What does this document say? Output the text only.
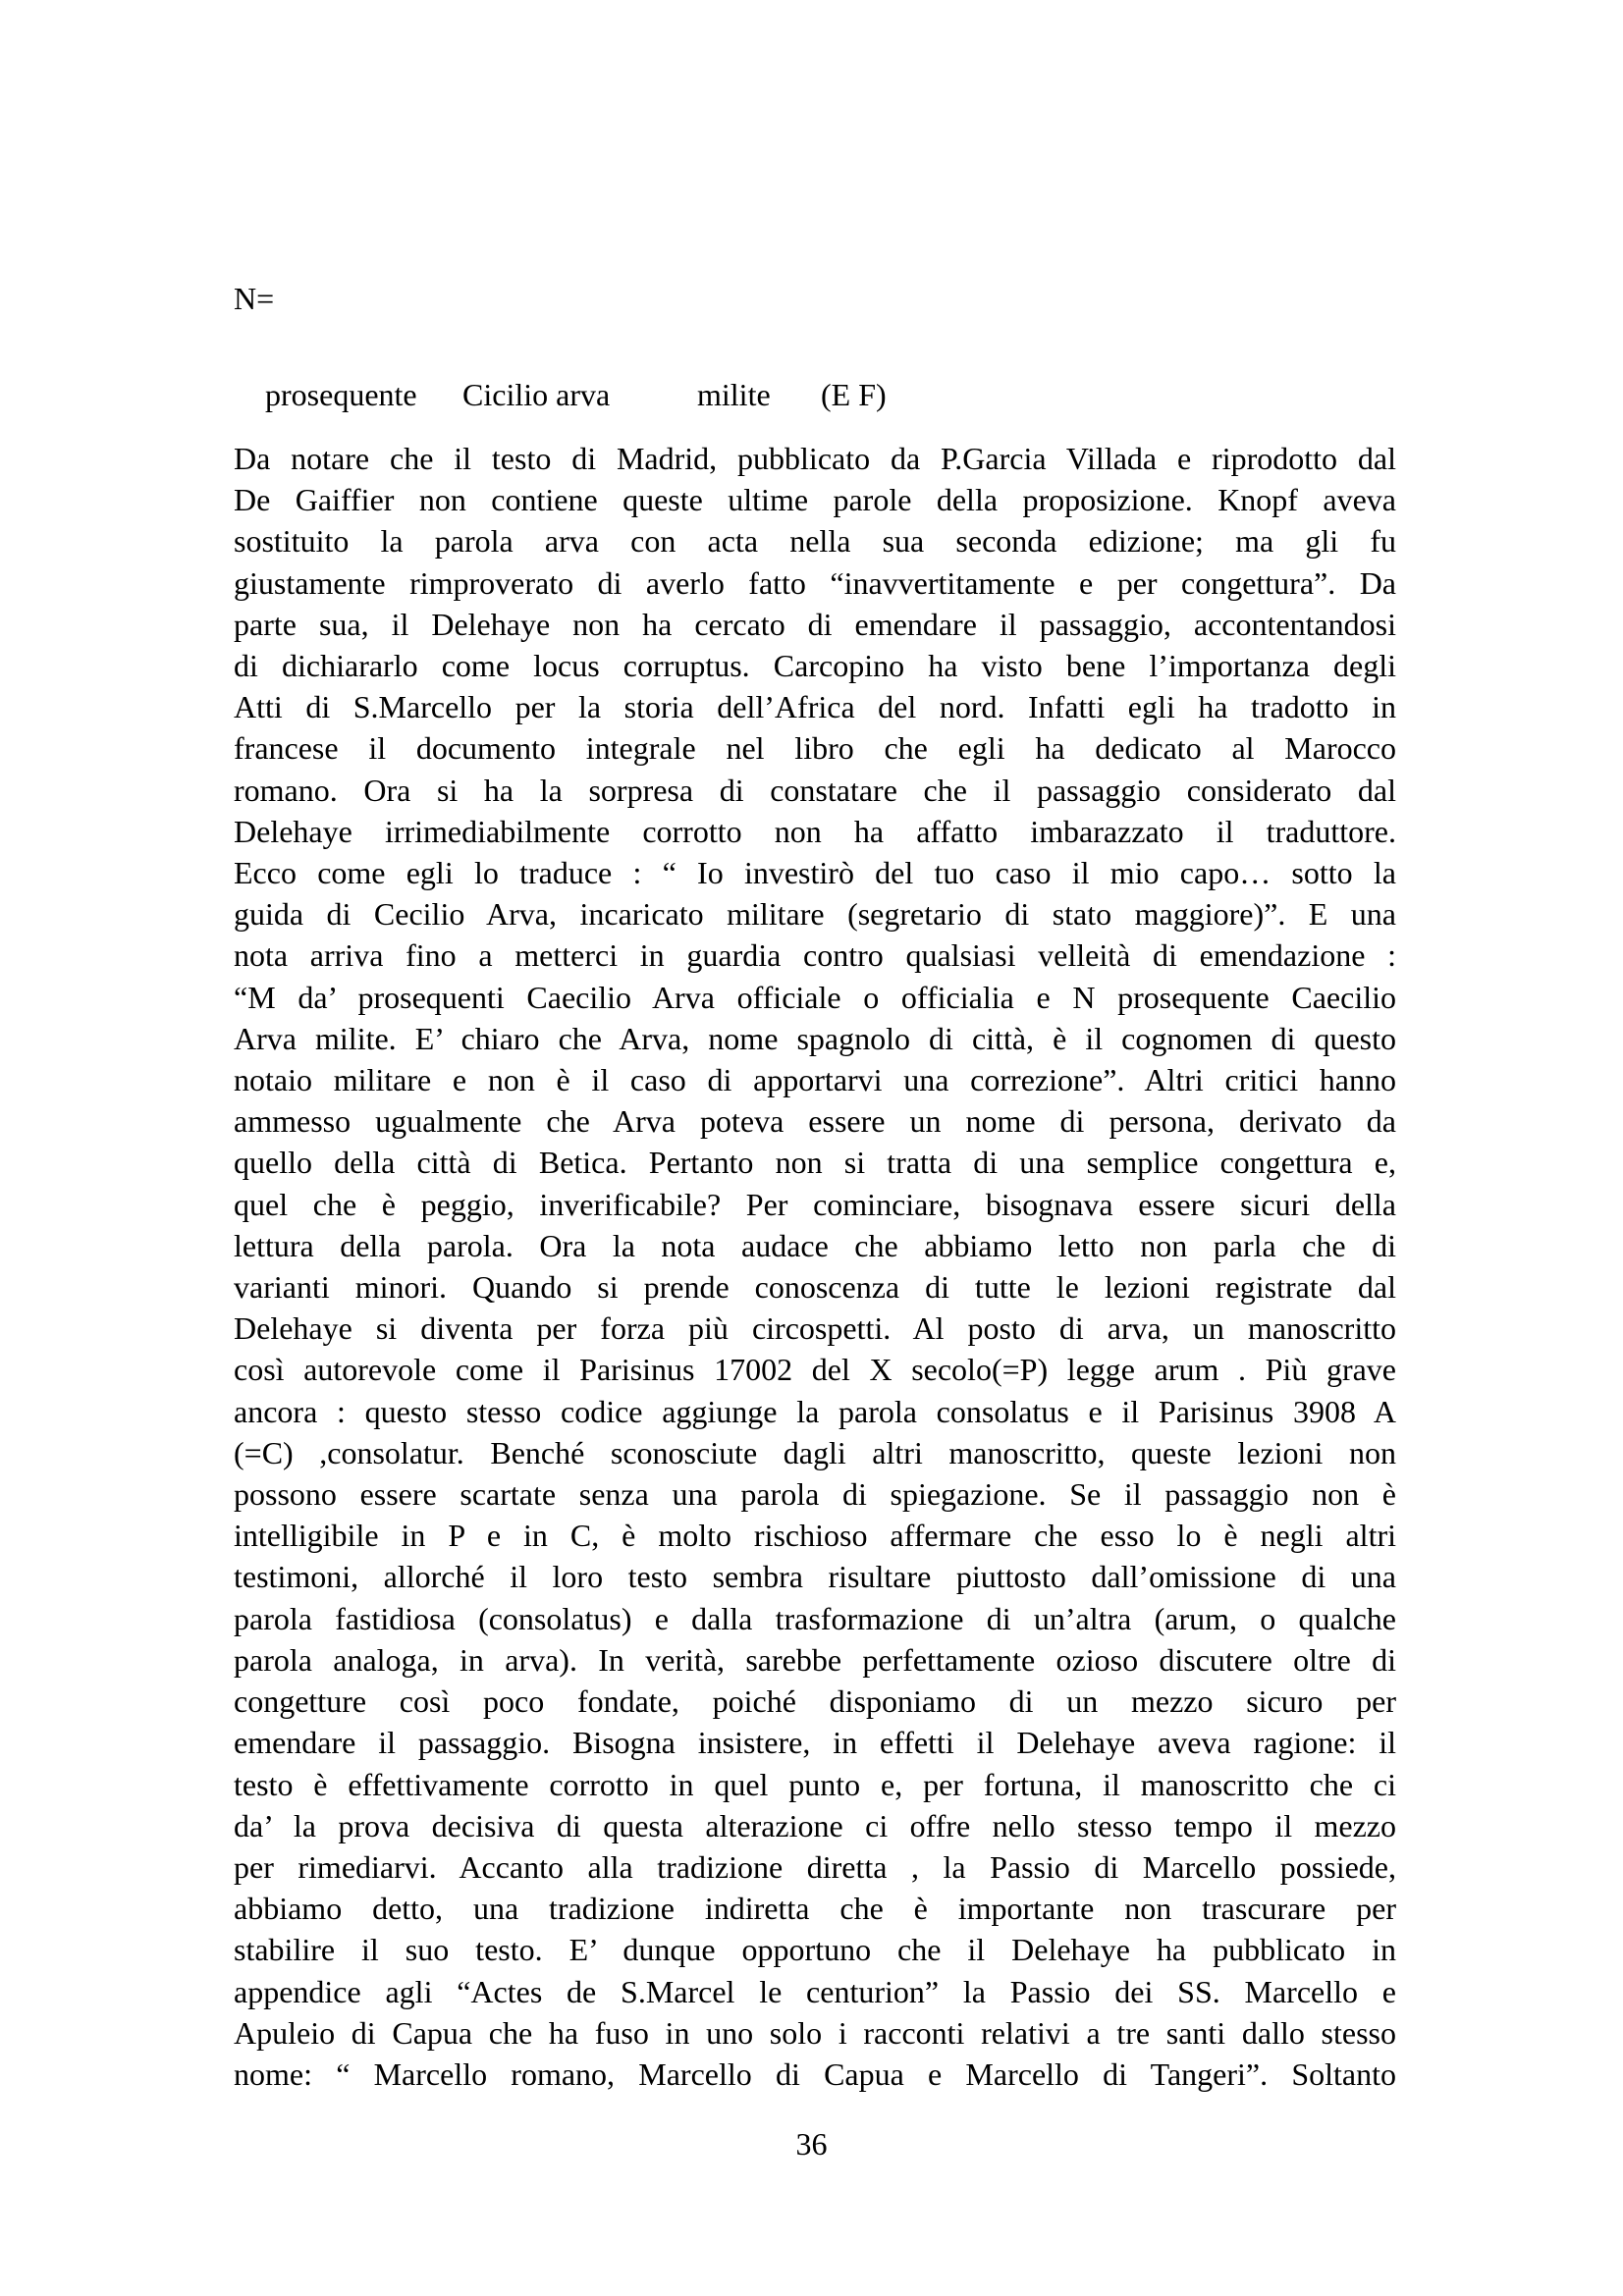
N=

prosequente Cicilio arva	milite (E F)

Da notare che il testo di Madrid, pubblicato da P.Garcia Villada e riprodotto dal
De Gaiffier non contiene queste ultime parole della proposizione. Knopf aveva
sostituito la parola arva con acta nella sua seconda edizione; ma gli fu
giustamente rimproverato di averlo fatto “inavvertitamente e per congettura”. Da
parte sua, il Delehaye non ha cercato di emendare il passaggio, accontentandosi
di dichiararlo come locus corruptus. Carcopino ha visto bene l’importanza degli
Atti di S.Marcello per la storia dell’Africa del nord. Infatti egli ha tradotto in
francese il documento integrale nel libro che egli ha dedicato al Marocco
romano. Ora si ha la sorpresa di constatare che il passaggio considerato dal
Delehaye irrimediabilmente corrotto non ha affatto imbarazzato il traduttore.
Ecco come egli lo traduce : “ Io investirò del tuo caso il mio capo… sotto la
guida di Cecilio Arva, incaricato militare (segretario di stato maggiore)”. E una
nota arriva fino a metterci in guardia contro qualsiasi velleità di emendazione :
“M da’ prosequenti Caecilio Arva officiale o officialia e N prosequente Caecilio
Arva milite. E’ chiaro che Arva, nome spagnolo di città, è il cognomen di questo
notaio militare e non è il caso di apportarvi una correzione”. Altri critici hanno
ammesso ugualmente che Arva poteva essere un nome di persona, derivato da
quello della città di Betica. Pertanto non si tratta di una semplice congettura e,
quel che è peggio, inverificabile? Per cominciare, bisognava essere sicuri della
lettura della parola. Ora la nota audace che abbiamo letto non parla che di
varianti minori. Quando si prende conoscenza di tutte le lezioni registrate dal
Delehaye si diventa per forza più circospetti. Al posto di arva, un manoscritto
così autorevole come il Parisinus 17002 del X secolo(=P) legge arum . Più grave
ancora : questo stesso codice aggiunge la parola consolatus e il Parisinus 3908 A
(=C) ,consolatur. Benché sconosciute dagli altri manoscritto, queste lezioni non
possono essere scartate senza una parola di spiegazione. Se il passaggio non è
intelligibile in P e in C, è molto rischioso affermare che esso lo è negli altri
testimoni, allorché il loro testo sembra risultare piuttosto dall’omissione di una
parola fastidiosa (consolatus) e dalla trasformazione di un’altra (arum, o qualche
parola analoga, in arva). In verità, sarebbe perfettamente ozioso discutere oltre di
congetture così poco fondate, poiché disponiamo di un mezzo sicuro per
emendare il passaggio. Bisogna insistere, in effetti il Delehaye aveva ragione: il
testo è effettivamente corrotto in quel punto e, per fortuna, il manoscritto che ci
da’ la prova decisiva di questa alterazione ci offre nello stesso tempo il mezzo
per rimediarvi. Accanto alla tradizione diretta , la Passio di Marcello possiede,
abbiamo detto, una tradizione indiretta che è importante non trascurare per
stabilire il suo testo. E’ dunque opportuno che il Delehaye ha pubblicato in
appendice agli “Actes de S.Marcel le centurion” la Passio dei SS. Marcello e
Apuleio di Capua che ha fuso in uno solo i racconti relativi a tre santi dallo stesso
nome: “ Marcello romano, Marcello di Capua e Marcello di Tangeri”. Soltanto
36
